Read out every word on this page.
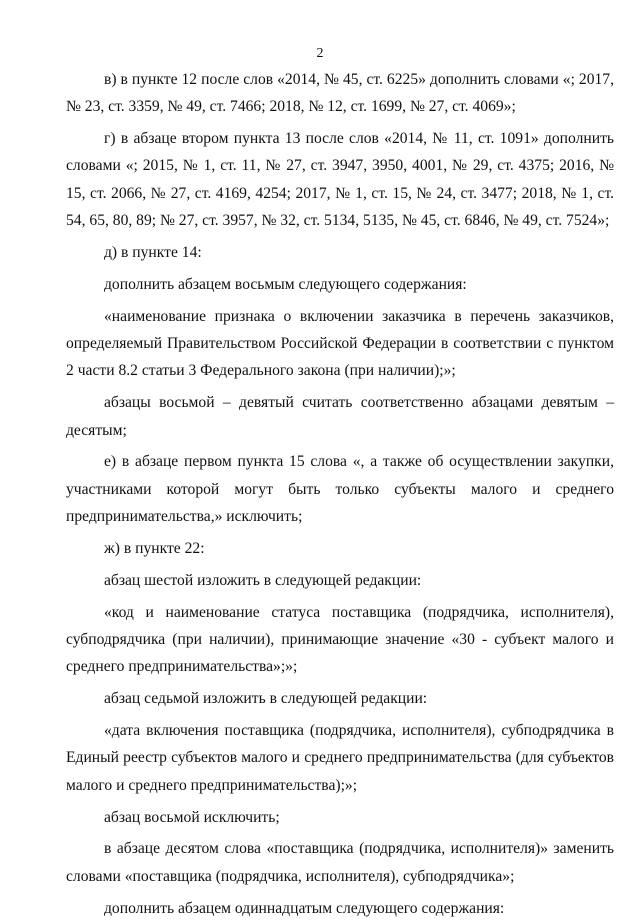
2

в) в пункте 12 после слов «2014, № 45, ст. 6225» дополнить словами «; 2017, № 23, ст. 3359, № 49, ст. 7466; 2018, № 12, ст. 1699, № 27, ст. 4069»;

г) в абзаце втором пункта 13 после слов «2014, № 11, ст. 1091» дополнить словами «; 2015, № 1, ст. 11, № 27, ст. 3947, 3950, 4001, № 29, ст. 4375; 2016, № 15, ст. 2066, № 27, ст. 4169, 4254; 2017, № 1, ст. 15, № 24, ст. 3477; 2018, № 1, ст. 54, 65, 80, 89; № 27, ст. 3957, № 32, ст. 5134, 5135, № 45, ст. 6846, № 49, ст. 7524»;

д) в пункте 14:

дополнить абзацем восьмым следующего содержания:

«наименование признака о включении заказчика в перечень заказчиков, определяемый Правительством Российской Федерации в соответствии с пунктом 2 части 8.2 статьи 3 Федерального закона (при наличии);»;

абзацы восьмой – девятый считать соответственно абзацами девятым – десятым;

е) в абзаце первом пункта 15 слова «, а также об осуществлении закупки, участниками которой могут быть только субъекты малого и среднего предпринимательства,» исключить;

ж) в пункте 22:

абзац шестой изложить в следующей редакции:

«код и наименование статуса поставщика (подрядчика, исполнителя), субподрядчика (при наличии), принимающие значение «30 - субъект малого и среднего предпринимательства»;»;

абзац седьмой изложить в следующей редакции:

«дата включения поставщика (подрядчика, исполнителя), субподрядчика в Единый реестр субъектов малого и среднего предпринимательства (для субъектов малого и среднего предпринимательства);»;

абзац восьмой исключить;

в абзаце десятом слова «поставщика (подрядчика, исполнителя)» заменить словами «поставщика (подрядчика, исполнителя), субподрядчика»;

дополнить абзацем одиннадцатым следующего содержания:
